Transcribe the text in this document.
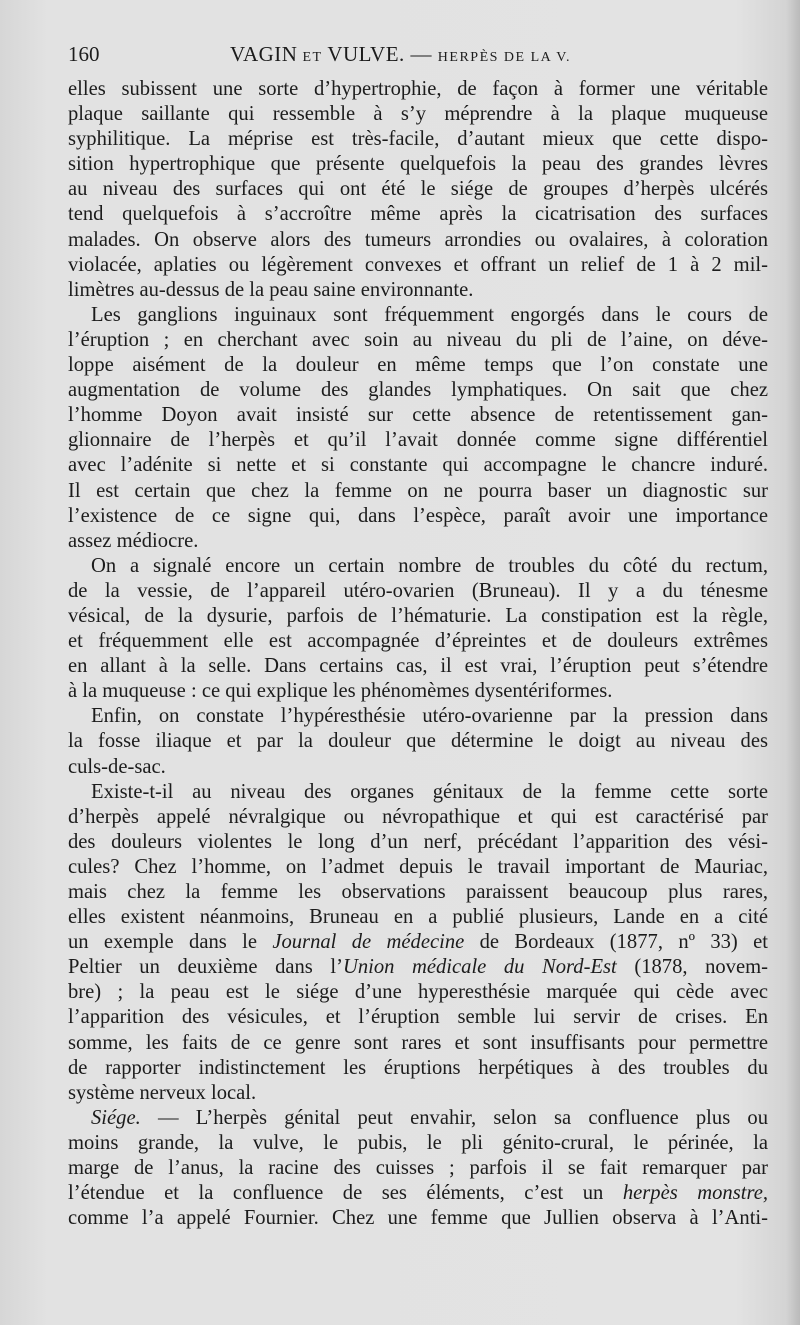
160	VAGIN ET VULVE. — HERPÈS DE LA V.
elles subissent une sorte d’hypertrophie, de façon à former une véritable
plaque saillante qui ressemble à s’y méprendre à la plaque muqueuse
syphilitique. La méprise est très-facile, d’autant mieux que cette dispo-
sition hypertrophique que présente quelquefois la peau des grandes lèvres
au niveau des surfaces qui ont été le siége de groupes d’herpès ulcérés
tend quelquefois à s’accroître même après la cicatrisation des surfaces
malades. On observe alors des tumeurs arrondies ou ovalaires, à coloration
violacée, aplaties ou légèrement convexes et offrant un relief de 1 à 2 mil-
limètres au-dessus de la peau saine environnante.
Les ganglions inguinaux sont fréquemment engorgés dans le cours de
l’éruption ; en cherchant avec soin au niveau du pli de l’aine, on déve-
loppe aisément de la douleur en même temps que l’on constate une
augmentation de volume des glandes lymphatiques. On sait que chez
l’homme Doyon avait insisté sur cette absence de retentissement gan-
glionnaire de l’herpès et qu’il l’avait donnée comme signe différentiel
avec l’adénite si nette et si constante qui accompagne le chancre induré.
Il est certain que chez la femme on ne pourra baser un diagnostic sur
l’existence de ce signe qui, dans l’espèce, paraît avoir une importance
assez médiocre.
On a signalé encore un certain nombre de troubles du côté du rectum,
de la vessie, de l’appareil utéro-ovarien (Bruneau). Il y a du ténesme
vésical, de la dysurie, parfois de l’hématurie. La constipation est la règle,
et fréquemment elle est accompagnée d’épreintes et de douleurs extrêmes
en allant à la selle. Dans certains cas, il est vrai, l’éruption peut s’étendre
à la muqueuse : ce qui explique les phénomèmes dysentériformes.
Enfin, on constate l’hypéresthésie utéro-ovarienne par la pression dans
la fosse iliaque et par la douleur que détermine le doigt au niveau des
culs-de-sac.
Existe-t-il au niveau des organes génitaux de la femme cette sorte
d’herpès appelé névralgique ou névropathique et qui est caractérisé par
des douleurs violentes le long d’un nerf, précédant l’apparition des vési-
cules? Chez l’homme, on l’admet depuis le travail important de Mauriac,
mais chez la femme les observations paraissent beaucoup plus rares,
elles existent néanmoins, Bruneau en a publié plusieurs, Lande en a cité
un exemple dans le Journal de médecine de Bordeaux (1877, nº 33) et
Peltier un deuxième dans l’Union médicale du Nord-Est (1878, novem-
bre) ; la peau est le siége d’une hyperesthésie marquée qui cède avec
l’apparition des vésicules, et l’éruption semble lui servir de crises. En
somme, les faits de ce genre sont rares et sont insuffisants pour permettre
de rapporter indistinctement les éruptions herpétiques à des troubles du
système nerveux local.
Siége. — L’herpès génital peut envahir, selon sa confluence plus ou
moins grande, la vulve, le pubis, le pli génito-crural, le périnée, la
marge de l’anus, la racine des cuisses ; parfois il se fait remarquer par
l’étendue et la confluence de ses éléments, c’est un herpès monstre,
comme l’a appelé Fournier. Chez une femme que Jullien observa à l’Anti-
